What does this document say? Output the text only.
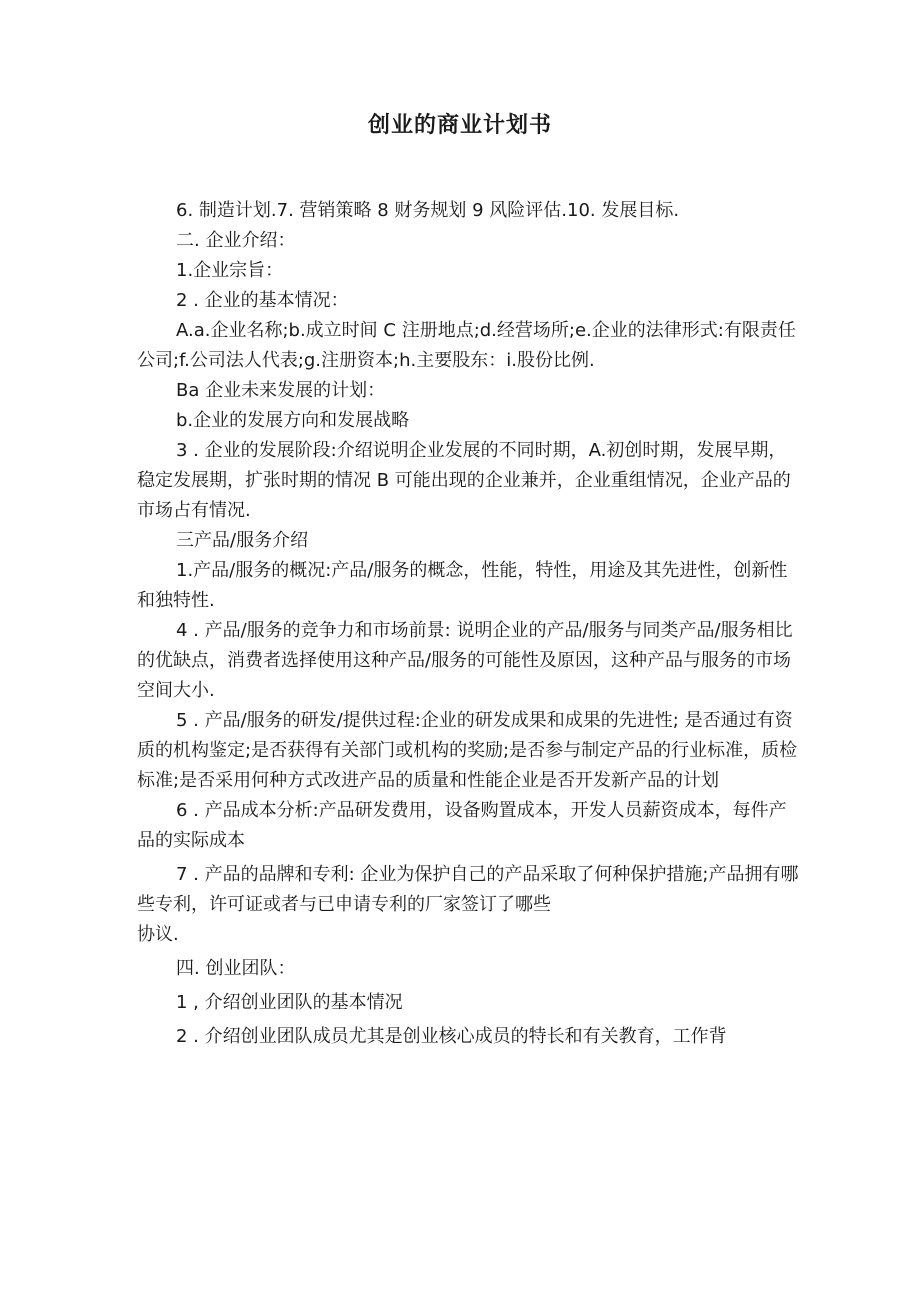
创业的商业计划书

6. 制造计划.7. 营销策略 8 财务规划 9 风险评估.10. 发展目标.

二. 企业介绍：

1.企业宗旨：

2 . 企业的基本情况：

A.a.企业名称;b.成立时间 C 注册地点;d.经营场所;e.企业的法律形式:有限责任公司;f.公司法人代表;g.注册资本;h.主要股东：i.股份比例.

Ba 企业未来发展的计划：

b.企业的发展方向和发展战略

3 . 企业的发展阶段:介绍说明企业发展的不同时期，A.初创时期，发展早期，稳定发展期，扩张时期的情况 B 可能出现的企业兼并，企业重组情况，企业产品的市场占有情况.

三产品/服务介绍

1.产品/服务的概况:产品/服务的概念，性能，特性，用途及其先进性，创新性和独特性.

4 . 产品/服务的竞争力和市场前景: 说明企业的产品/服务与同类产品/服务相比的优缺点，消费者选择使用这种产品/服务的可能性及原因，这种产品与服务的市场空间大小.

5 . 产品/服务的研发/提供过程:企业的研发成果和成果的先进性; 是否通过有资质的机构鉴定;是否获得有关部门或机构的奖励;是否参与制定产品的行业标准，质检标准;是否采用何种方式改进产品的质量和性能企业是否开发新产品的计划

6 . 产品成本分析:产品研发费用，设备购置成本，开发人员薪资成本，每件产品的实际成本

7 . 产品的品牌和专利: 企业为保护自己的产品采取了何种保护措施;产品拥有哪些专利，许可证或者与已申请专利的厂家签订了哪些

协议.

四. 创业团队：

1 , 介绍创业团队的基本情况

2 . 介绍创业团队成员尤其是创业核心成员的特长和有关教育，工作背
